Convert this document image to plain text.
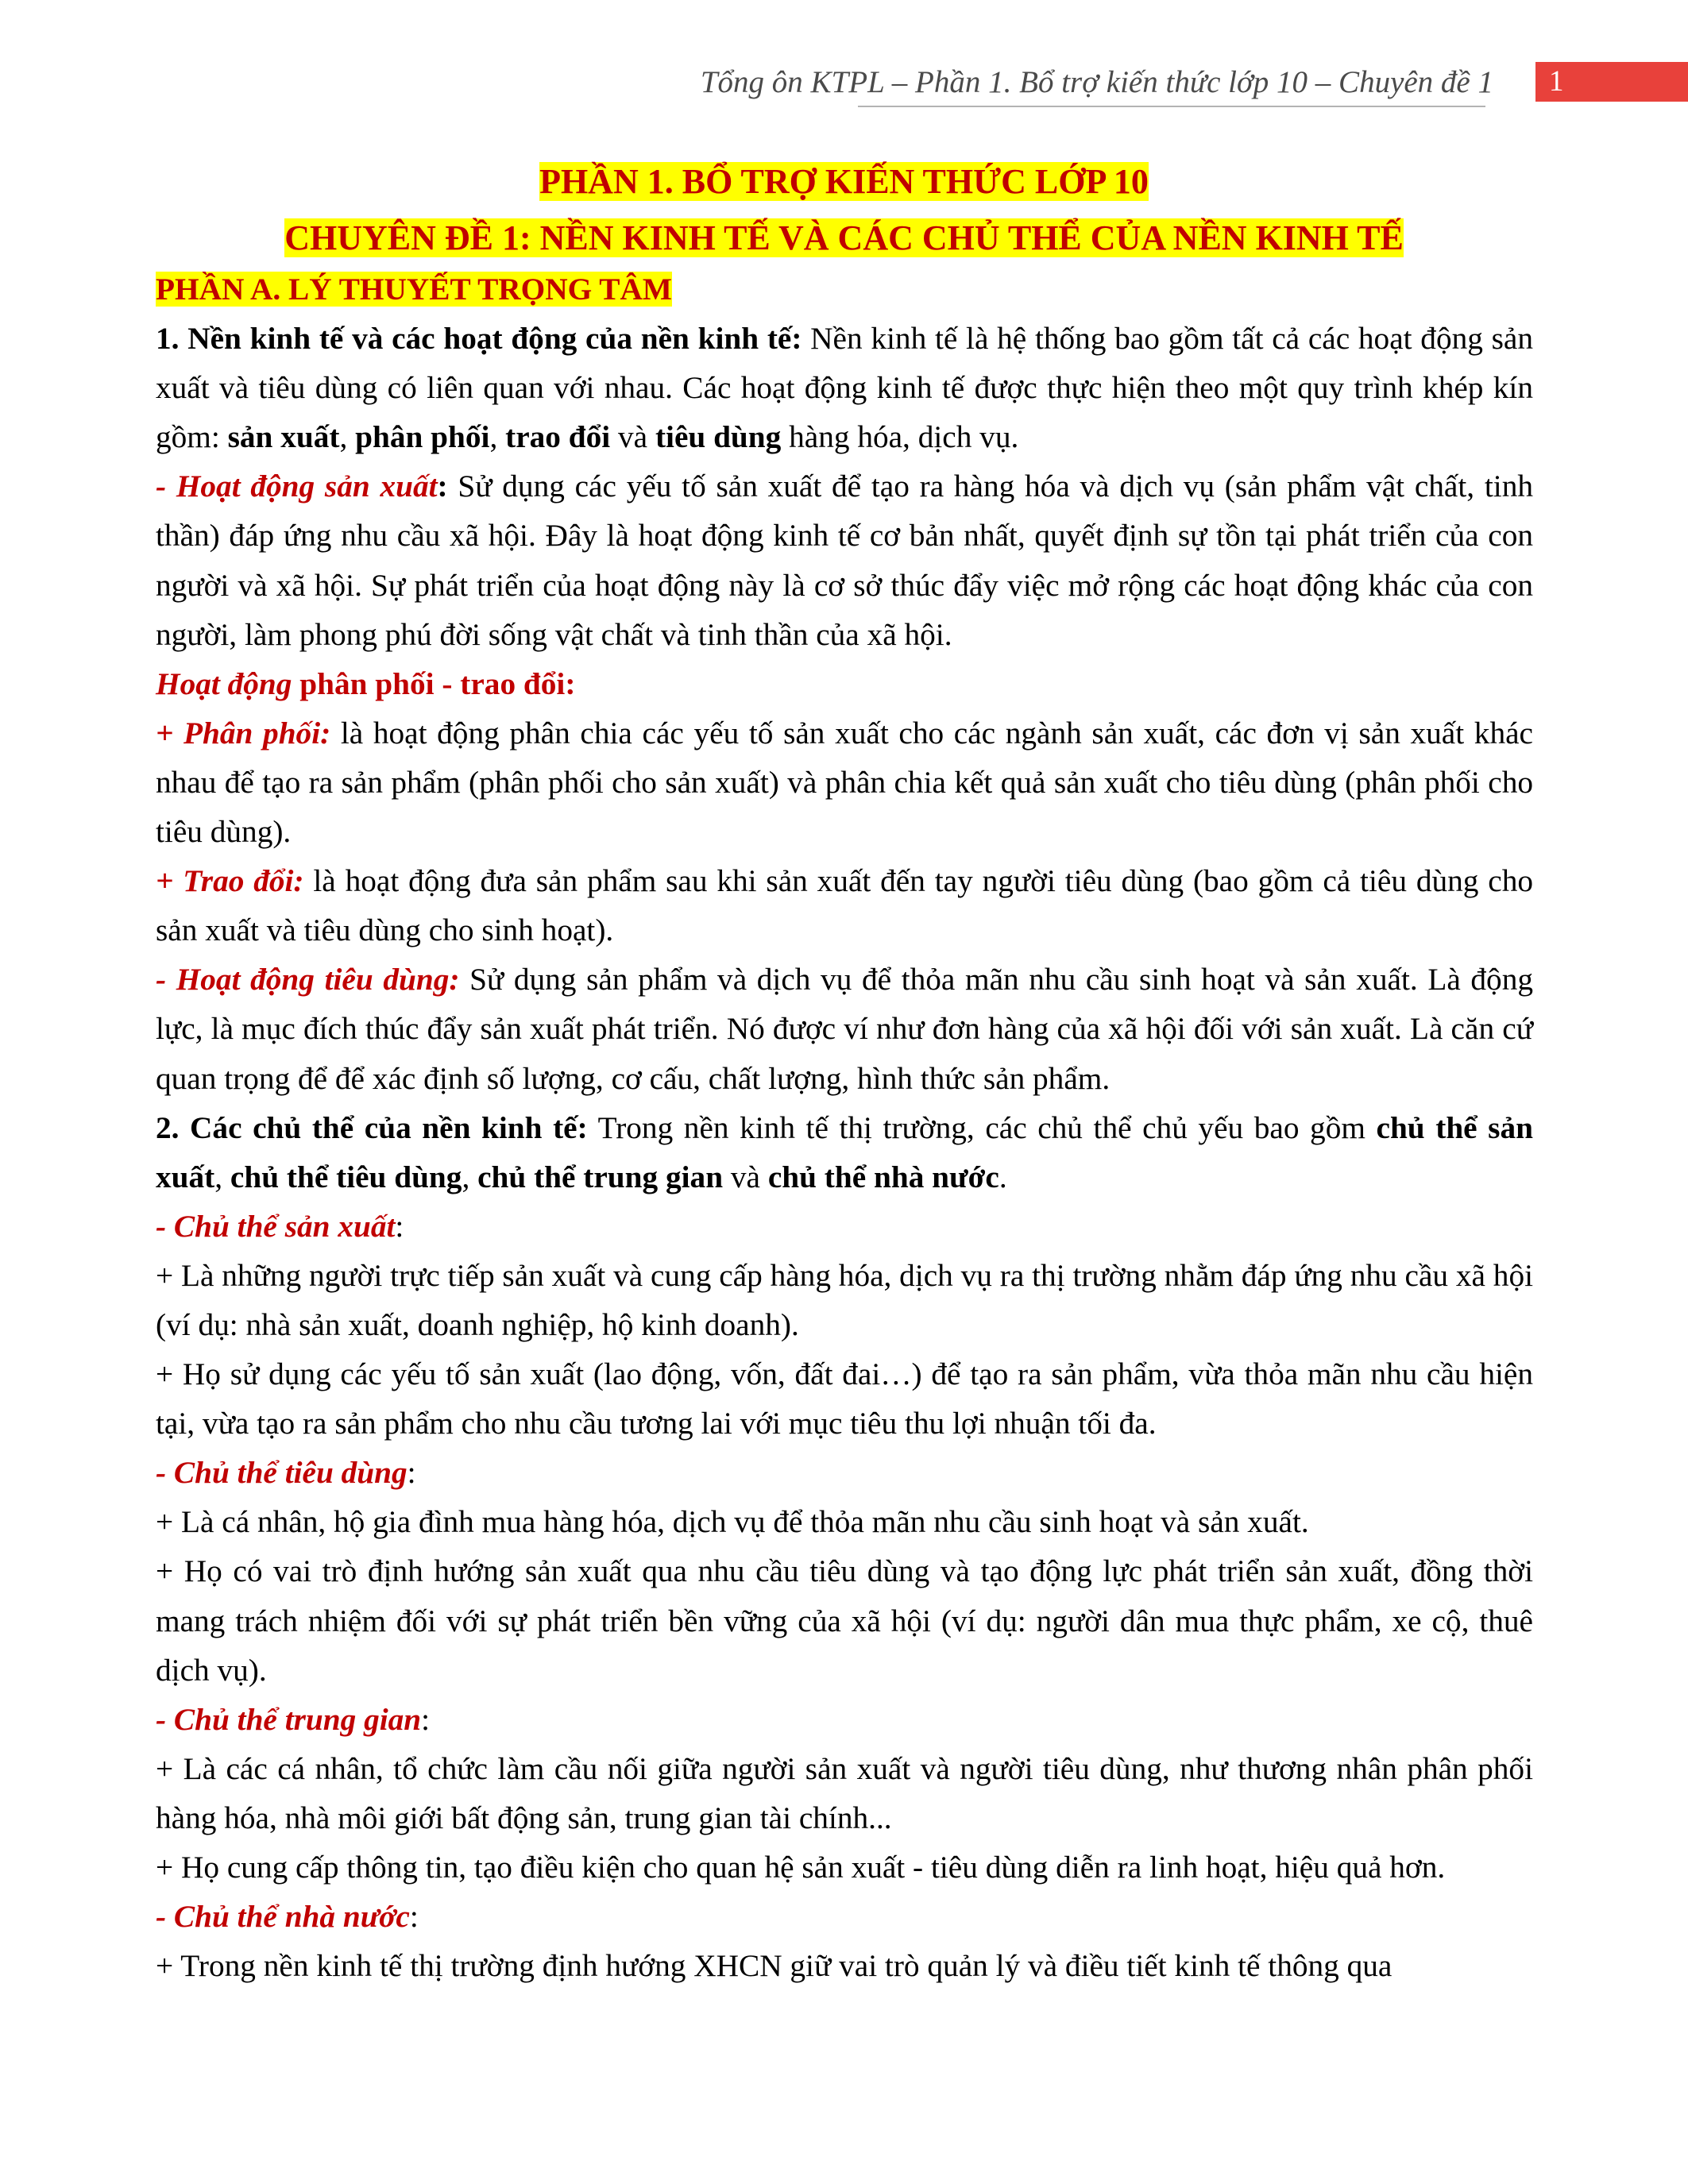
Tổng ôn KTPL – Phần 1. Bổ trợ kiến thức lớp 10 – Chuyên đề 1	1
PHẦN 1. BỔ TRỢ KIẾN THỨC LỚP 10
CHUYÊN ĐỀ 1: NỀN KINH TẾ VÀ CÁC CHỦ THỂ CỦA NỀN KINH TẾ

PHẦN A. LÝ THUYẾT TRỌNG TÂM

1. Nền kinh tế và các hoạt động của nền kinh tế: Nền kinh tế là hệ thống bao gồm tất cả các hoạt động sản xuất và tiêu dùng có liên quan với nhau. Các hoạt động kinh tế được thực hiện theo một quy trình khép kín gồm: sản xuất, phân phối, trao đổi và tiêu dùng hàng hóa, dịch vụ.

- Hoạt động sản xuất: Sử dụng các yếu tố sản xuất để tạo ra hàng hóa và dịch vụ (sản phẩm vật chất, tinh thần) đáp ứng nhu cầu xã hội. Đây là hoạt động kinh tế cơ bản nhất, quyết định sự tồn tại phát triển của con người và xã hội. Sự phát triển của hoạt động này là cơ sở thúc đẩy việc mở rộng các hoạt động khác của con người, làm phong phú đời sống vật chất và tinh thần của xã hội.

Hoạt động phân phối - trao đổi:

+ Phân phối: là hoạt động phân chia các yếu tố sản xuất cho các ngành sản xuất, các đơn vị sản xuất khác nhau để tạo ra sản phẩm (phân phối cho sản xuất) và phân chia kết quả sản xuất cho tiêu dùng (phân phối cho tiêu dùng).

+ Trao đổi: là hoạt động đưa sản phẩm sau khi sản xuất đến tay người tiêu dùng (bao gồm cả tiêu dùng cho sản xuất và tiêu dùng cho sinh hoạt).

- Hoạt động tiêu dùng: Sử dụng sản phẩm và dịch vụ để thỏa mãn nhu cầu sinh hoạt và sản xuất. Là động lực, là mục đích thúc đẩy sản xuất phát triển. Nó được ví như đơn hàng của xã hội đối với sản xuất. Là căn cứ quan trọng để để xác định số lượng, cơ cấu, chất lượng, hình thức sản phẩm.

2. Các chủ thể của nền kinh tế: Trong nền kinh tế thị trường, các chủ thể chủ yếu bao gồm chủ thể sản xuất, chủ thể tiêu dùng, chủ thể trung gian và chủ thể nhà nước.

- Chủ thể sản xuất:

+ Là những người trực tiếp sản xuất và cung cấp hàng hóa, dịch vụ ra thị trường nhằm đáp ứng nhu cầu xã hội (ví dụ: nhà sản xuất, doanh nghiệp, hộ kinh doanh).

+ Họ sử dụng các yếu tố sản xuất (lao động, vốn, đất đai…) để tạo ra sản phẩm, vừa thỏa mãn nhu cầu hiện tại, vừa tạo ra sản phẩm cho nhu cầu tương lai với mục tiêu thu lợi nhuận tối đa.

- Chủ thể tiêu dùng:

+ Là cá nhân, hộ gia đình mua hàng hóa, dịch vụ để thỏa mãn nhu cầu sinh hoạt và sản xuất.

+ Họ có vai trò định hướng sản xuất qua nhu cầu tiêu dùng và tạo động lực phát triển sản xuất, đồng thời mang trách nhiệm đối với sự phát triển bền vững của xã hội (ví dụ: người dân mua thực phẩm, xe cộ, thuê dịch vụ).

- Chủ thể trung gian:

+ Là các cá nhân, tổ chức làm cầu nối giữa người sản xuất và người tiêu dùng, như thương nhân phân phối hàng hóa, nhà môi giới bất động sản, trung gian tài chính...

+ Họ cung cấp thông tin, tạo điều kiện cho quan hệ sản xuất - tiêu dùng diễn ra linh hoạt, hiệu quả hơn.

- Chủ thể nhà nước:

+ Trong nền kinh tế thị trường định hướng XHCN giữ vai trò quản lý và điều tiết kinh tế thông qua
